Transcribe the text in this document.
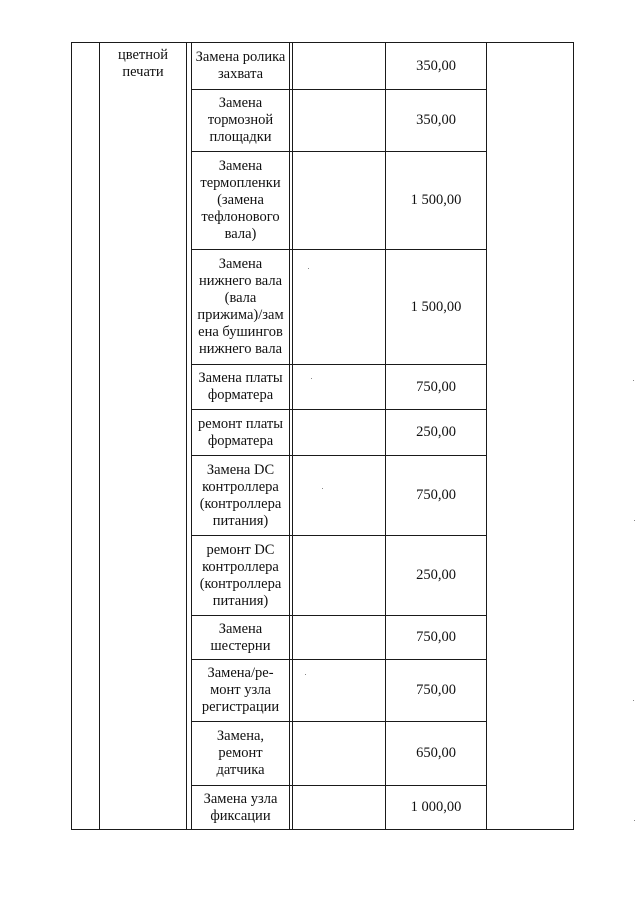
цветной
печати
Замена ролика
захвата
Замена
тормозной
площадки
Замена
термопленки
(замена
тефлонового
вала)
Замена
нижнего вала
(вала
прижима)/зам
ена бушингов
нижнего вала
Замена платы
форматера
ремонт платы
форматера
Замена DC
контроллера
(контроллера
питания)
ремонт DC
контроллера
(контроллера
питания)
Замена
шестерни
Замена/ре-
монт узла
регистрации
Замена,
ремонт
датчика
Замена узла
фиксации
350,00
350,00
1 500,00
1 500,00
750,00
250,00
750,00
250,00
750,00
750,00
650,00
1 000,00
